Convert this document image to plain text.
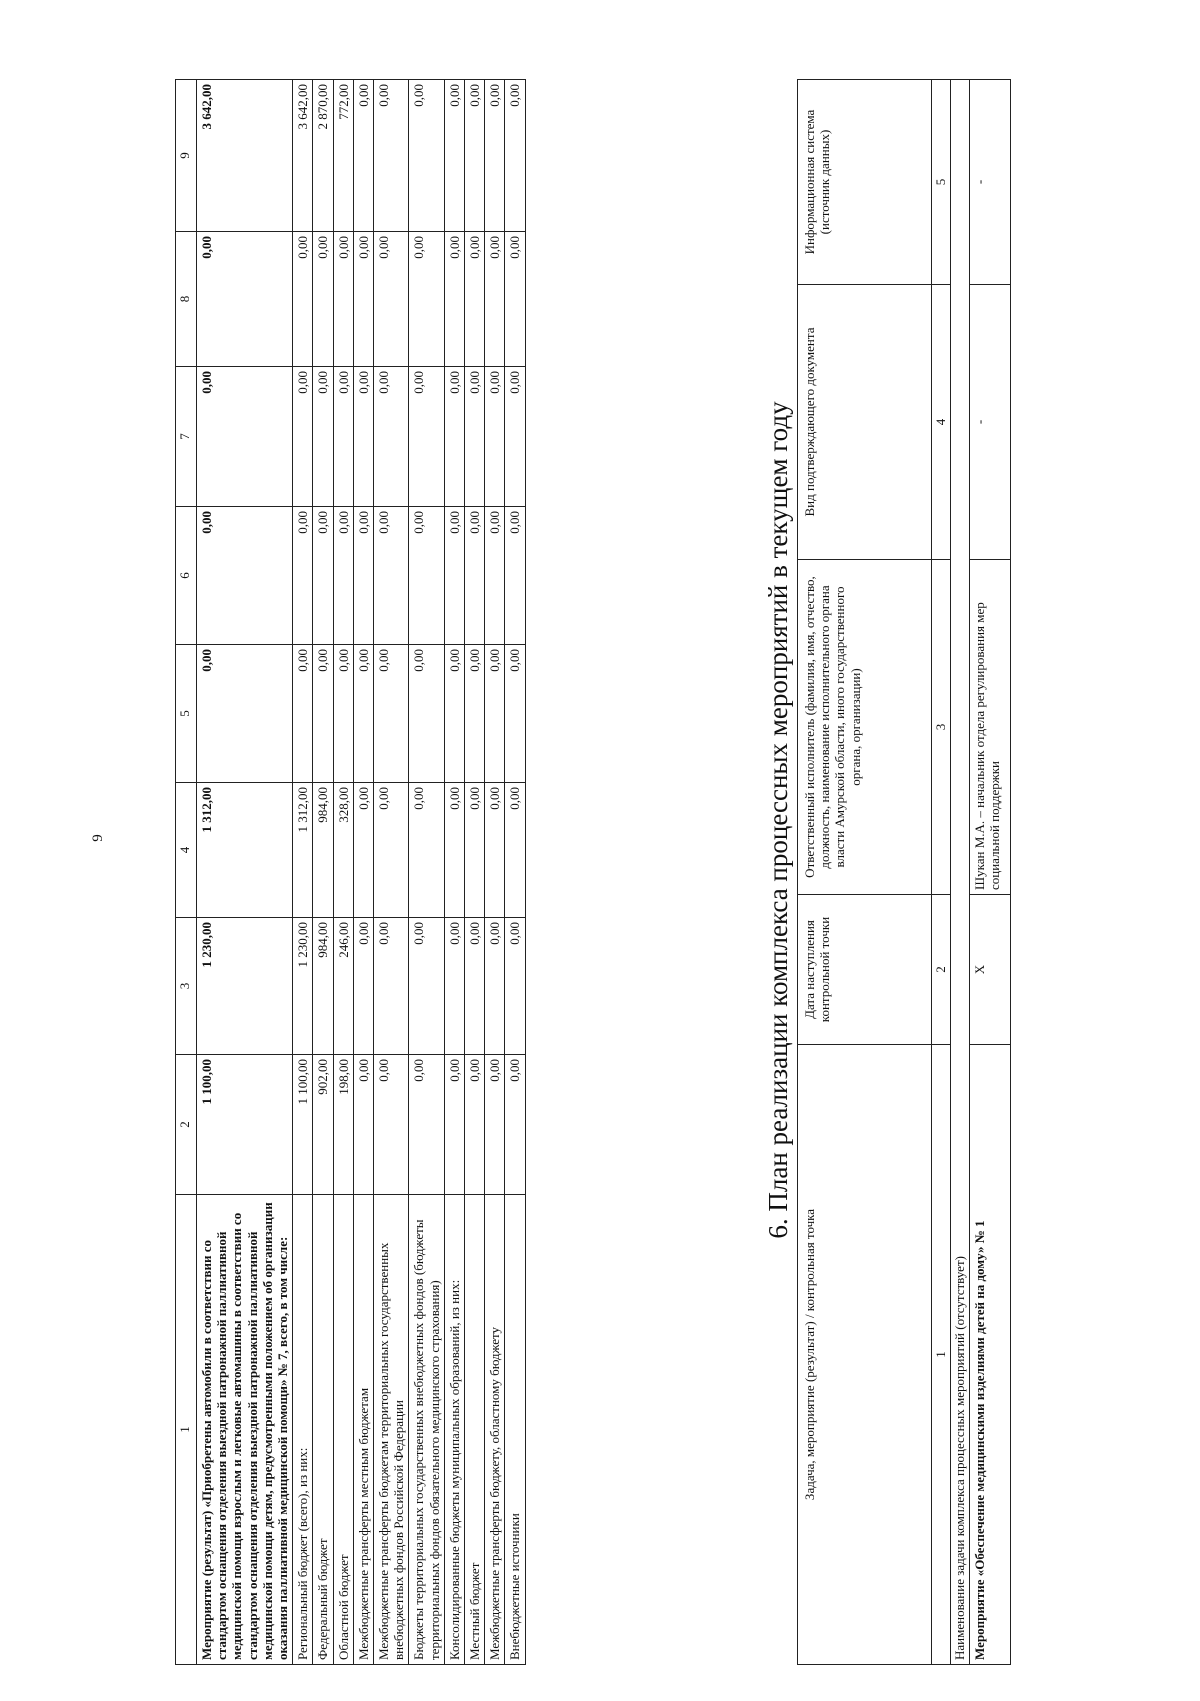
9
1	2	3	4	5	6	7	8	9
Мероприятие (результат) «Приобретены автомобили в соответствии со стандартом оснащения отделения выездной патронажной паллиативной медицинской помощи взрослым и легковые автомашины в соответствии со стандартом оснащения отделения выездной патронажной паллиативной медицинской помощи детям, предусмотренными положением об организации оказания паллиативной медицинской помощи» № 7, всего, в том числе:	1 100,00	1 230,00	1 312,00	0,00	0,00	0,00	0,00	3 642,00
Региональный бюджет (всего), из них:	1 100,00	1 230,00	1 312,00	0,00	0,00	0,00	0,00	3 642,00
Федеральный бюджет	902,00	984,00	984,00	0,00	0,00	0,00	0,00	2 870,00
Областной бюджет	198,00	246,00	328,00	0,00	0,00	0,00	0,00	772,00
Межбюджетные трансферты местным бюджетам	0,00	0,00	0,00	0,00	0,00	0,00	0,00	0,00
Межбюджетные трансферты бюджетам территориальных государственных внебюджетных фондов Российской Федерации	0,00	0,00	0,00	0,00	0,00	0,00	0,00	0,00
Бюджеты территориальных государственных внебюджетных фондов (бюджеты территориальных фондов обязательного медицинского страхования)	0,00	0,00	0,00	0,00	0,00	0,00	0,00	0,00
Консолидированные бюджеты муниципальных образований, из них:	0,00	0,00	0,00	0,00	0,00	0,00	0,00	0,00
Местный бюджет	0,00	0,00	0,00	0,00	0,00	0,00	0,00	0,00
Межбюджетные трансферты бюджету, областному бюджету	0,00	0,00	0,00	0,00	0,00	0,00	0,00	0,00
Внебюджетные источники	0,00	0,00	0,00	0,00	0,00	0,00	0,00	0,00
6. План реализации комплекса процессных мероприятий в текущем году
Задача, мероприятие (результат) / контрольная точка	Дата наступления контрольной точки	Ответственный исполнитель (фамилия, имя, отчество, должность, наименование исполнительного органа власти Амурской области, иного государственного органа, организации)	Вид подтверждающего документа	Информационная система (источник данных)
1	2	3	4	5
Наименование задачи комплекса процессных мероприятий (отсутствует)				
Мероприятие «Обеспечение медицинскими изделиями детей на дому» № 1	X	Шукан М.А. – начальник отдела регулирования мер социальной поддержки	-	-
